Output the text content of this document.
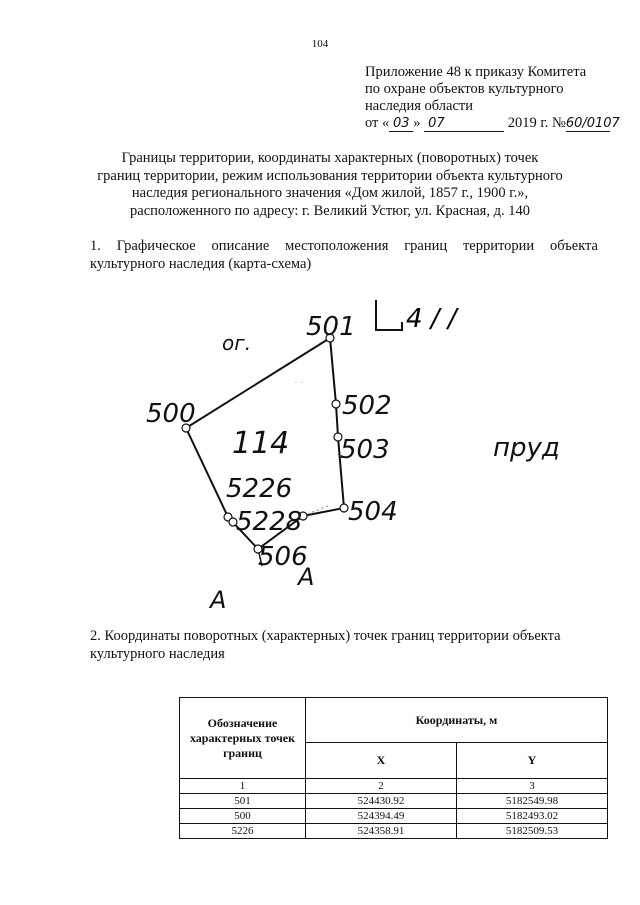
104
Приложение 48 к приказу Комитета
по охране объектов культурного
наследия области
от « 03 » 07	2019 г. №60/0107
Границы территории, координаты характерных (поворотных) точек
границ территории, режим использования территории объекта культурного
наследия регионального значения «Дом жилой, 1857 г., 1900 г.»,
расположенного по адресу: г. Великий Устюг, ул. Красная, д. 140
1. Графическое описание местоположения границ территории объекта культурного наследия (карта-схема)
4 / /
· ·
ог.
501
502
503
504
500
114
5226
5228
506
пруд
А
А
2. Координаты поворотных (характерных) точек границ территории объекта культурного наследия
Обозначение характерных точек границ	Координаты, м	
	X	Y
1	2	3
501	524430.92	5182549.98
500	524394.49	5182493.02
5226	524358.91	5182509.53
